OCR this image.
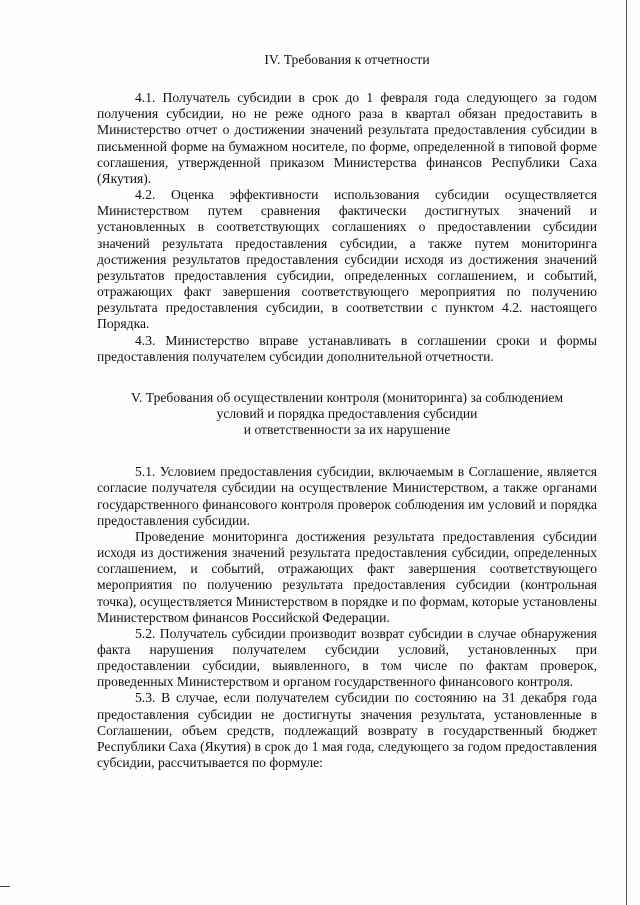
IV. Требования к отчетности

4.1. Получатель субсидии в срок до 1 февраля года следующего за годом получения субсидии, но не реже одного раза в квартал обязан предоставить в Министерство отчет о достижении значений результата предоставления субсидии в письменной форме на бумажном носителе, по форме, определенной в типовой форме соглашения, утвержденной приказом Министерства финансов Республики Саха (Якутия).

4.2. Оценка эффективности использования субсидии осуществляется Министерством путем сравнения фактически достигнутых значений и установленных в соответствующих соглашениях о предоставлении субсидии значений результата предоставления субсидии, а также путем мониторинга достижения результатов предоставления субсидии исходя из достижения значений результатов предоставления субсидии, определенных соглашением, и событий, отражающих факт завершения соответствующего мероприятия по получению результата предоставления субсидии, в соответствии с пунктом 4.2. настоящего Порядка.

4.3. Министерство вправе устанавливать в соглашении сроки и формы предоставления получателем субсидии дополнительной отчетности.

V. Требования об осуществлении контроля (мониторинга) за соблюдением
условий и порядка предоставления субсидии
и ответственности за их нарушение

5.1. Условием предоставления субсидии, включаемым в Соглашение, является согласие получателя субсидии на осуществление Министерством, а также органами государственного финансового контроля проверок соблюдения им условий и порядка предоставления субсидии.

Проведение мониторинга достижения результата предоставления субсидии исходя из достижения значений результата предоставления субсидии, определенных соглашением, и событий, отражающих факт завершения соответствующего мероприятия по получению результата предоставления субсидии (контрольная точка), осуществляется Министерством в порядке и по формам, которые установлены Министерством финансов Российской Федерации.

5.2. Получатель субсидии производит возврат субсидии в случае обнаружения факта нарушения получателем субсидии условий, установленных при предоставлении субсидии, выявленного, в том числе по фактам проверок, проведенных Министерством и органом государственного финансового контроля.

5.3. В случае, если получателем субсидии по состоянию на 31 декабря года предоставления субсидии не достигнуты значения результата, установленные в Соглашении, объем средств, подлежащий возврату в государственный бюджет Республики Саха (Якутия) в срок до 1 мая года, следующего за годом предоставления субсидии, рассчитывается по формуле:
